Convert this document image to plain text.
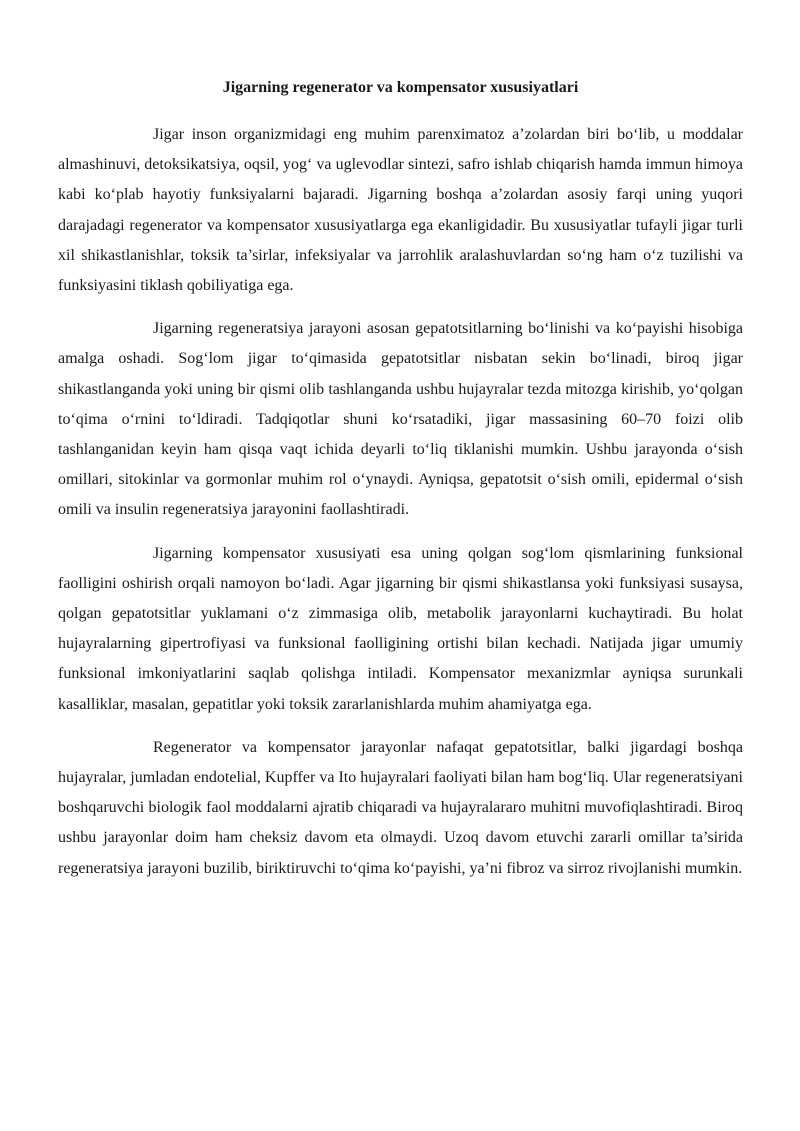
Jigarning regenerator va kompensator xususiyatlari

Jigar inson organizmidagi eng muhim parenximatoz a’zolardan biri bo‘lib, u moddalar almashinuvi, detoksikatsiya, oqsil, yog‘ va uglevodlar sintezi, safro ishlab chiqarish hamda immun himoya kabi ko‘plab hayotiy funksiyalarni bajaradi. Jigarning boshqa a’zolardan asosiy farqi uning yuqori darajadagi regenerator va kompensator xususiyatlarga ega ekanligidadir. Bu xususiyatlar tufayli jigar turli xil shikastlanishlar, toksik ta’sirlar, infeksiyalar va jarrohlik aralashuvlardan so‘ng ham o‘z tuzilishi va funksiyasini tiklash qobiliyatiga ega.

Jigarning regeneratsiya jarayoni asosan gepatotsitlarning bo‘linishi va ko‘payishi hisobiga amalga oshadi. Sog‘lom jigar to‘qimasida gepatotsitlar nisbatan sekin bo‘linadi, biroq jigar shikastlanganda yoki uning bir qismi olib tashlanganda ushbu hujayralar tezda mitozga kirishib, yo‘qolgan to‘qima o‘rnini to‘ldiradi. Tadqiqotlar shuni ko‘rsatadiki, jigar massasining 60–70 foizi olib tashlanganidan keyin ham qisqa vaqt ichida deyarli to‘liq tiklanishi mumkin. Ushbu jarayonda o‘sish omillari, sitokinlar va gormonlar muhim rol o‘ynaydi. Ayniqsa, gepatotsit o‘sish omili, epidermal o‘sish omili va insulin regeneratsiya jarayonini faollashtiradi.

Jigarning kompensator xususiyati esa uning qolgan sog‘lom qismlarining funksional faolligini oshirish orqali namoyon bo‘ladi. Agar jigarning bir qismi shikastlansa yoki funksiyasi susaysa, qolgan gepatotsitlar yuklamani o‘z zimmasiga olib, metabolik jarayonlarni kuchaytiradi. Bu holat hujayralarning gipertrofiyasi va funksional faolligining ortishi bilan kechadi. Natijada jigar umumiy funksional imkoniyatlarini saqlab qolishga intiladi. Kompensator mexanizmlar ayniqsa surunkali kasalliklar, masalan, gepatitlar yoki toksik zararlanishlarda muhim ahamiyatga ega.

Regenerator va kompensator jarayonlar nafaqat gepatotsitlar, balki jigardagi boshqa hujayralar, jumladan endotelial, Kupffer va Ito hujayralari faoliyati bilan ham bog‘liq. Ular regeneratsiyani boshqaruvchi biologik faol moddalarni ajratib chiqaradi va hujayralararo muhitni muvofiqlashtiradi. Biroq ushbu jarayonlar doim ham cheksiz davom eta olmaydi. Uzoq davom etuvchi zararli omillar ta’sirida regeneratsiya jarayoni buzilib, biriktiruvchi to‘qima ko‘payishi, ya’ni fibroz va sirroz rivojlanishi mumkin.
